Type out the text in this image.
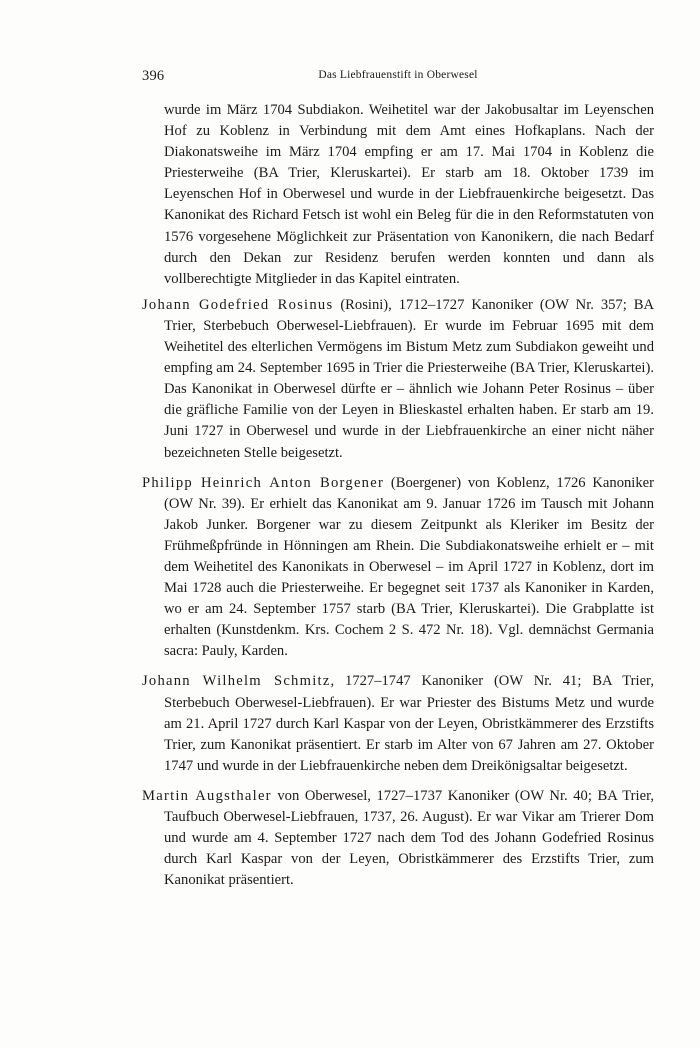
396	Das Liebfrauenstift in Oberwesel

wurde im März 1704 Subdiakon. Weihetitel war der Jakobusaltar im Leyenschen Hof zu Koblenz in Verbindung mit dem Amt eines Hofkaplans. Nach der Diakonatsweihe im März 1704 empfing er am 17. Mai 1704 in Koblenz die Priesterweihe (BA Trier, Kleruskartei). Er starb am 18. Oktober 1739 im Leyenschen Hof in Oberwesel und wurde in der Liebfrauenkirche beigesetzt. Das Kanonikat des Richard Fetsch ist wohl ein Beleg für die in den Reformstatuten von 1576 vorgesehene Möglichkeit zur Präsentation von Kanonikern, die nach Bedarf durch den Dekan zur Residenz berufen werden konnten und dann als vollberechtigte Mitglieder in das Kapitel eintraten.

Johann Godefried Rosinus (Rosini), 1712–1727 Kanoniker (OW Nr. 357; BA Trier, Sterbebuch Oberwesel-Liebfrauen). Er wurde im Februar 1695 mit dem Weihetitel des elterlichen Vermögens im Bistum Metz zum Subdiakon geweiht und empfing am 24. September 1695 in Trier die Priesterweihe (BA Trier, Kleruskartei). Das Kanonikat in Oberwesel dürfte er – ähnlich wie Johann Peter Rosinus – über die gräfliche Familie von der Leyen in Blieskastel erhalten haben. Er starb am 19. Juni 1727 in Oberwesel und wurde in der Liebfrauenkirche an einer nicht näher bezeichneten Stelle beigesetzt.

Philipp Heinrich Anton Borgener (Boergener) von Koblenz, 1726 Kanoniker (OW Nr. 39). Er erhielt das Kanonikat am 9. Januar 1726 im Tausch mit Johann Jakob Junker. Borgener war zu diesem Zeitpunkt als Kleriker im Besitz der Frühmeßpfründe in Hönningen am Rhein. Die Subdiakonatsweihe erhielt er – mit dem Weihetitel des Kanonikats in Oberwesel – im April 1727 in Koblenz, dort im Mai 1728 auch die Priesterweihe. Er begegnet seit 1737 als Kanoniker in Karden, wo er am 24. September 1757 starb (BA Trier, Kleruskartei). Die Grabplatte ist erhalten (Kunstdenkm. Krs. Cochem 2 S. 472 Nr. 18). Vgl. demnächst Germania sacra: Pauly, Karden.

Johann Wilhelm Schmitz, 1727–1747 Kanoniker (OW Nr. 41; BA Trier, Sterbebuch Oberwesel-Liebfrauen). Er war Priester des Bistums Metz und wurde am 21. April 1727 durch Karl Kaspar von der Leyen, Obristkämmerer des Erzstifts Trier, zum Kanonikat präsentiert. Er starb im Alter von 67 Jahren am 27. Oktober 1747 und wurde in der Liebfrauenkirche neben dem Dreikönigsaltar beigesetzt.

Martin Augsthaler von Oberwesel, 1727–1737 Kanoniker (OW Nr. 40; BA Trier, Taufbuch Oberwesel-Liebfrauen, 1737, 26. August). Er war Vikar am Trierer Dom und wurde am 4. September 1727 nach dem Tod des Johann Godefried Rosinus durch Karl Kaspar von der Leyen, Obristkämmerer des Erzstifts Trier, zum Kanonikat präsentiert.
